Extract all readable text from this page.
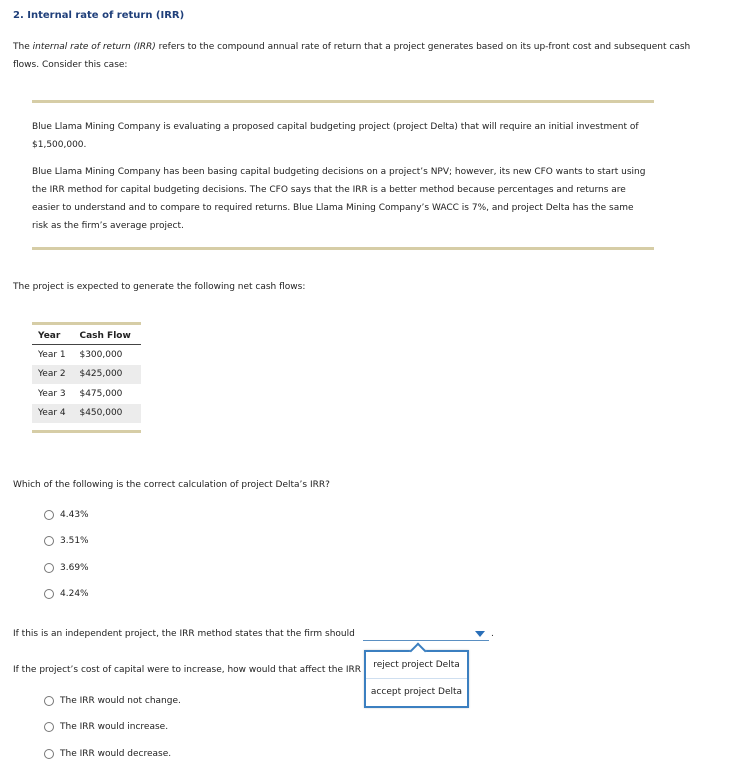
2. Internal rate of return (IRR)
The internal rate of return (IRR) refers to the compound annual rate of return that a project generates based on its up-front cost and subsequent cash
flows. Consider this case:
Blue Llama Mining Company is evaluating a proposed capital budgeting project (project Delta) that will require an initial investment of
$1,500,000.
Blue Llama Mining Company has been basing capital budgeting decisions on a project’s NPV; however, its new CFO wants to start using
the IRR method for capital budgeting decisions. The CFO says that the IRR is a better method because percentages and returns are
easier to understand and to compare to required returns. Blue Llama Mining Company’s WACC is 7%, and project Delta has the same
risk as the firm’s average project.
The project is expected to generate the following net cash flows:
Year	Cash Flow
Year 1	$300,000
Year 2	$425,000
Year 3	$475,000
Year 4	$450,000
Which of the following is the correct calculation of project Delta’s IRR?
4.43%
3.51%
3.69%
4.24%
If this is an independent project, the IRR method states that the firm should	.
If the project’s cost of capital were to increase, how would that affect the IRR	reject project Delta
accept project Delta
The IRR would not change.
The IRR would increase.
The IRR would decrease.
